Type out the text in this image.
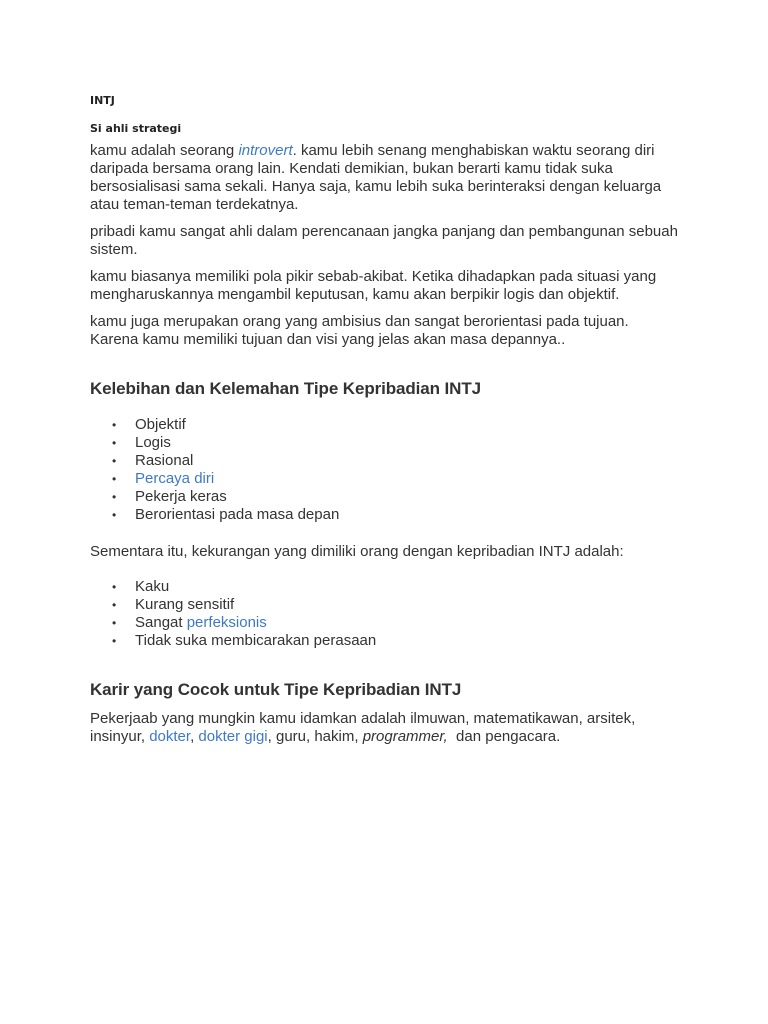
INTJ
Si ahli strategi

kamu adalah seorang introvert. kamu lebih senang menghabiskan waktu seorang diri daripada bersama orang lain. Kendati demikian, bukan berarti kamu tidak suka bersosialisasi sama sekali. Hanya saja, kamu lebih suka berinteraksi dengan keluarga atau teman-teman terdekatnya.

pribadi kamu sangat ahli dalam perencanaan jangka panjang dan pembangunan sebuah sistem.

kamu biasanya memiliki pola pikir sebab-akibat. Ketika dihadapkan pada situasi yang mengharuskannya mengambil keputusan, kamu akan berpikir logis dan objektif.

kamu juga merupakan orang yang ambisius dan sangat berorientasi pada tujuan. Karena kamu memiliki tujuan dan visi yang jelas akan masa depannya..

Kelebihan dan Kelemahan Tipe Kepribadian INTJ
• Objektif
• Logis
• Rasional
• Percaya diri
• Pekerja keras
• Berorientasi pada masa depan

Sementara itu, kekurangan yang dimiliki orang dengan kepribadian INTJ adalah:

• Kaku
• Kurang sensitif
• Sangat perfeksionis
• Tidak suka membicarakan perasaan
Karir yang Cocok untuk Tipe Kepribadian INTJ

Pekerjaab yang mungkin kamu idamkan adalah ilmuwan, matematikawan, arsitek, insinyur, dokter, dokter gigi, guru, hakim, programmer,  dan pengacara.
